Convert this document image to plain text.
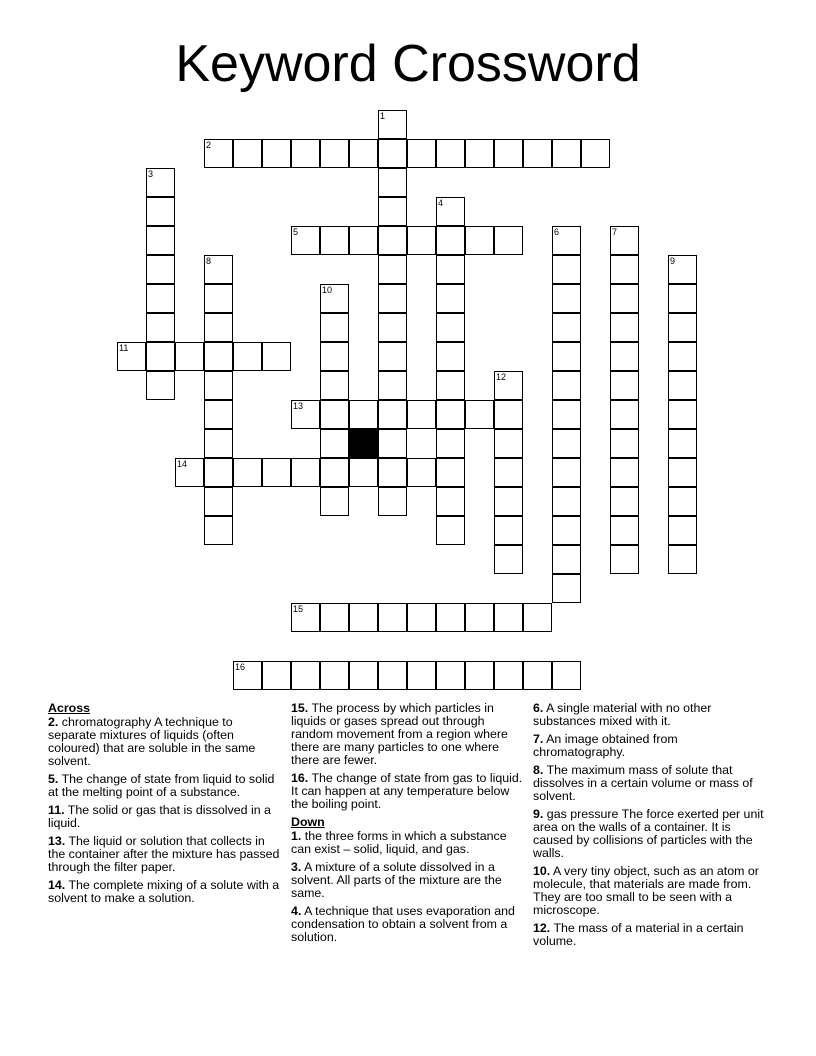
Keyword Crossword
1
2
3
4
5	6	7
8	9
10
11
12
13
14
15
16
Across
2. chromatography A technique to separate mixtures of liquids (often coloured) that are soluble in the same solvent.
5. The change of state from liquid to solid at the melting point of a substance.
11. The solid or gas that is dissolved in a liquid.
13. The liquid or solution that collects in the container after the mixture has passed through the filter paper.
14. The complete mixing of a solute with a solvent to make a solution.
15. The process by which particles in liquids or gases spread out through random movement from a region where there are many particles to one where there are fewer.
16. The change of state from gas to liquid. It can happen at any temperature below the boiling point.
Down
1. the three forms in which a substance can exist – solid, liquid, and gas.
3. A mixture of a solute dissolved in a solvent. All parts of the mixture are the same.
4. A technique that uses evaporation and condensation to obtain a solvent from a solution.
6. A single material with no other substances mixed with it.
7. An image obtained from chromatography.
8. The maximum mass of solute that dissolves in a certain volume or mass of solvent.
9. gas pressure The force exerted per unit area on the walls of a container. It is caused by collisions of particles with the walls.
10. A very tiny object, such as an atom or molecule, that materials are made from. They are too small to be seen with a microscope.
12. The mass of a material in a certain volume.
